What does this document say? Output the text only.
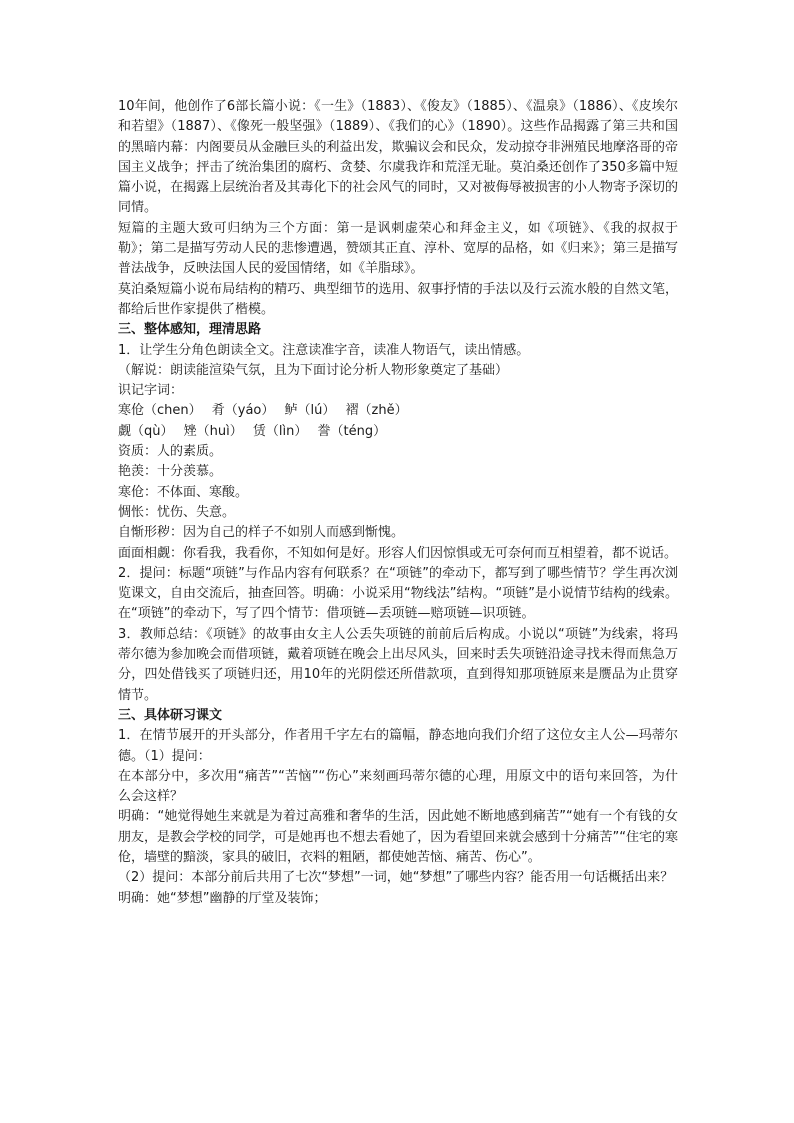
10年间，他创作了6部长篇小说：《一生》（1883）、《俊友》（1885）、《温泉》（1886）、《皮埃尔和若望》（1887）、《像死一般坚强》（1889）、《我们的心》（1890）。这些作品揭露了第三共和国的黑暗内幕：内阁要员从金融巨头的利益出发，欺骗议会和民众，发动掠夺非洲殖民地摩洛哥的帝国主义战争；抨击了统治集团的腐朽、贪婪、尔虞我诈和荒淫无耻。莫泊桑还创作了350多篇中短篇小说，在揭露上层统治者及其毒化下的社会风气的同时，又对被侮辱被损害的小人物寄予深切的同情。

短篇的主题大致可归纳为三个方面：第一是讽刺虚荣心和拜金主义，如《项链》、《我的叔叔于勒》；第二是描写劳动人民的悲惨遭遇，赞颂其正直、淳朴、宽厚的品格，如《归来》；第三是描写普法战争，反映法国人民的爱国情绪，如《羊脂球》。

莫泊桑短篇小说布局结构的精巧、典型细节的选用、叙事抒情的手法以及行云流水般的自然文笔，都给后世作家提供了楷模。

三、整体感知，理清思路

1．让学生分角色朗读全文。注意读准字音，读准人物语气，读出情感。

（解说：朗读能渲染气氛，且为下面讨论分析人物形象奠定了基础）

识记字词：

寒伧（chen） 肴（yáo） 鲈（lú） 褶（zhě）

觑（qù） 矬（huì） 赁（lìn） 誊（téng）

资质：人的素质。

艳羡：十分羡慕。

寒伧：不体面、寒酸。

惆怅：忧伤、失意。

自惭形秽：因为自己的样子不如别人而感到惭愧。

面面相觑：你看我，我看你，不知如何是好。形容人们因惊惧或无可奈何而互相望着，都不说话。

2．提问：标题“项链”与作品内容有何联系？在“项链”的牵动下，都写到了哪些情节？学生再次浏览课文，自由交流后，抽查回答。明确：小说采用“物线法”结构。“项链”是小说情节结构的线索。在“项链”的牵动下，写了四个情节：借项链—丢项链—赔项链—识项链。

3．教师总结：《项链》的故事由女主人公丢失项链的前前后后构成。小说以“项链”为线索，将玛蒂尔德为参加晚会而借项链，戴着项链在晚会上出尽风头，回来时丢失项链沿途寻找未得而焦急万分，四处借钱买了项链归还，用10年的光阴偿还所借款项，直到得知那项链原来是赝品为止贯穿情节。

三、具体研习课文

1．在情节展开的开头部分，作者用千字左右的篇幅，静态地向我们介绍了这位女主人公—玛蒂尔德。（1）提问：

在本部分中，多次用“痛苦”“苦恼”“伤心”来刻画玛蒂尔德的心理，用原文中的语句来回答，为什么会这样？

明确：“她觉得她生来就是为着过高雅和奢华的生活，因此她不断地感到痛苦”“她有一个有钱的女朋友，是教会学校的同学，可是她再也不想去看她了，因为看望回来就会感到十分痛苦”“住宅的寒伧，墙壁的黯淡，家具的破旧，衣料的粗陋，都使她苦恼、痛苦、伤心”。

（2）提问：本部分前后共用了七次“梦想”一词，她“梦想”了哪些内容？能否用一句话概括出来？

明确：她“梦想”幽静的厅堂及装饰；
